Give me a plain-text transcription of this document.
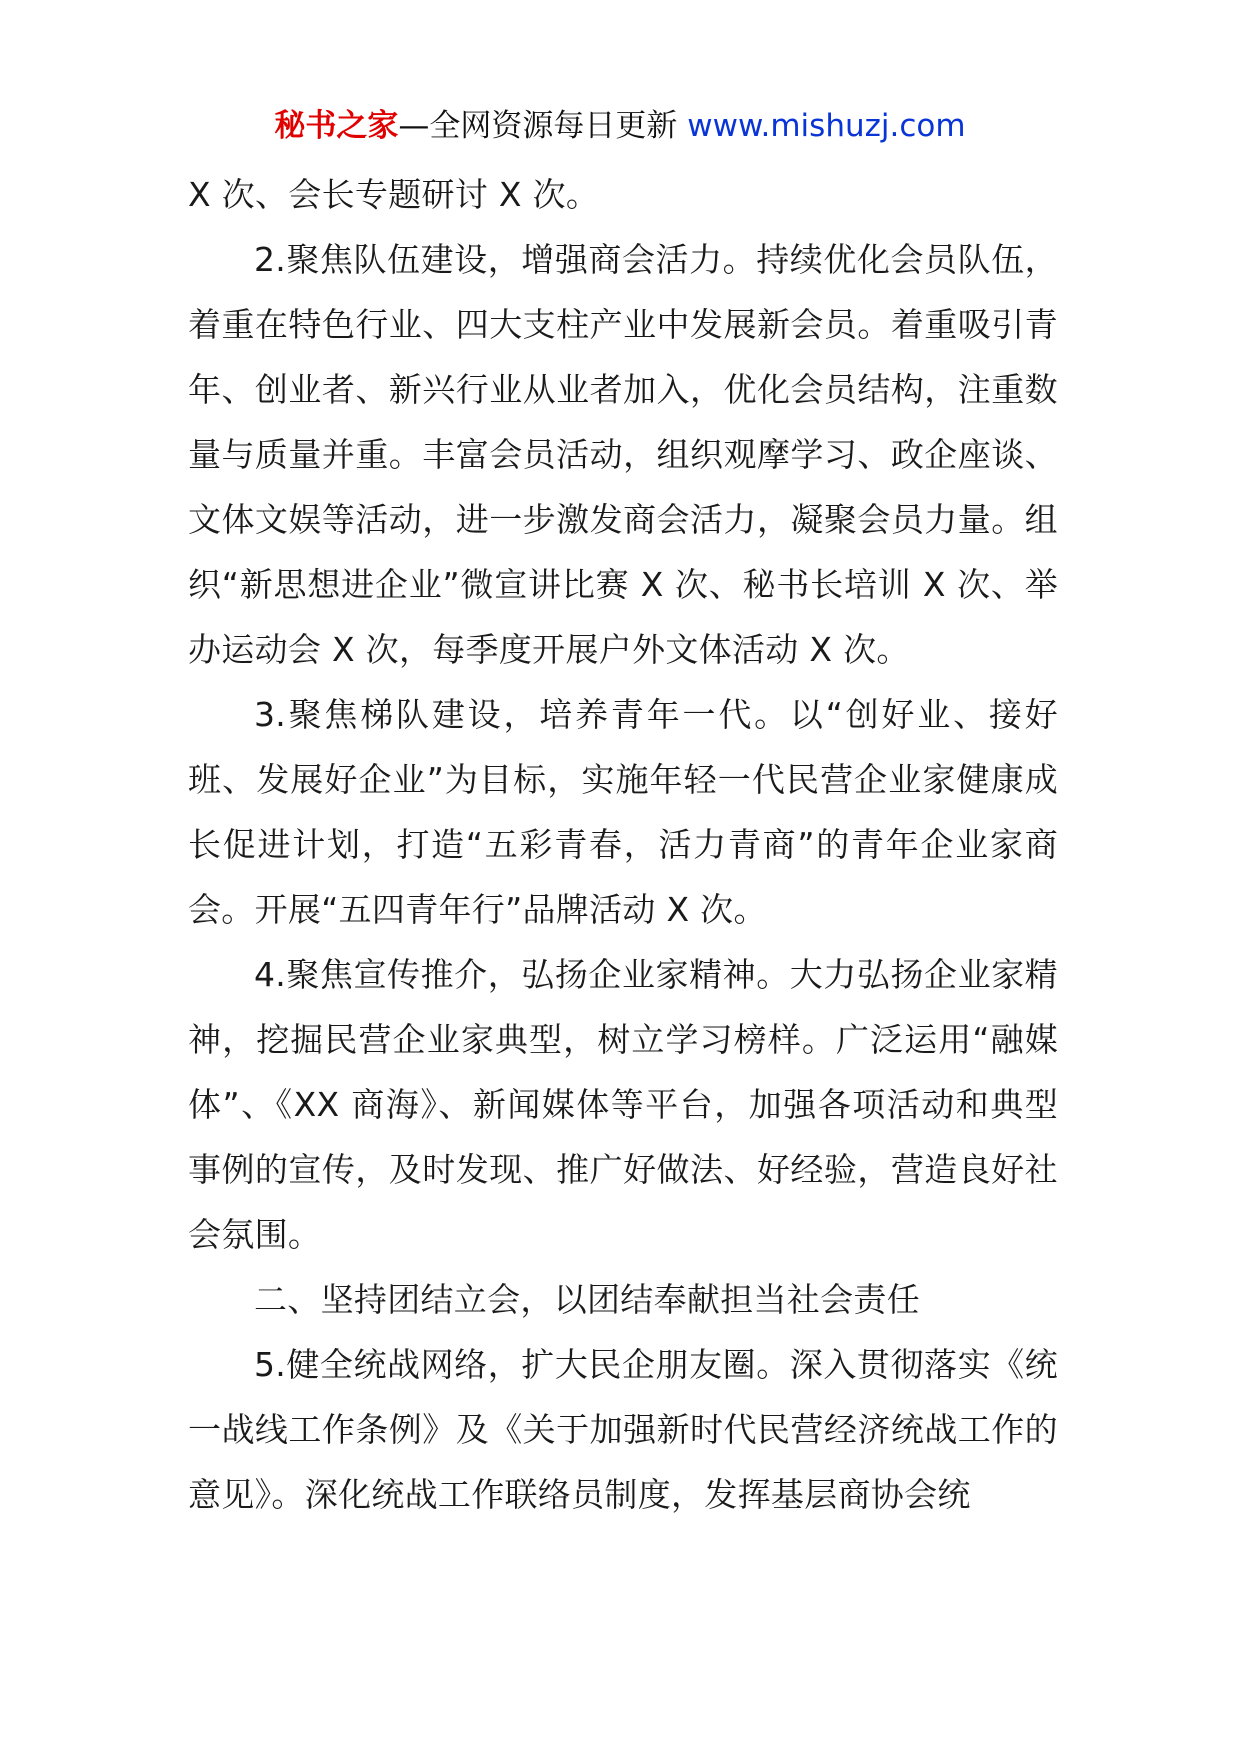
秘书之家—全网资源每日更新 www.mishuzj.com

X 次、会长专题研讨 X 次。

2.聚焦队伍建设，增强商会活力。持续优化会员队伍，着重在特色行业、四大支柱产业中发展新会员。着重吸引青年、创业者、新兴行业从业者加入，优化会员结构，注重数量与质量并重。丰富会员活动，组织观摩学习、政企座谈、文体文娱等活动，进一步激发商会活力，凝聚会员力量。组织“新思想进企业”微宣讲比赛 X 次、秘书长培训 X 次、举办运动会 X 次，每季度开展户外文体活动 X 次。

3.聚焦梯队建设，培养青年一代。以“创好业、接好班、发展好企业”为目标，实施年轻一代民营企业家健康成长促进计划，打造“五彩青春，活力青商”的青年企业家商会。开展“五四青年行”品牌活动 X 次。

4.聚焦宣传推介，弘扬企业家精神。大力弘扬企业家精神，挖掘民营企业家典型，树立学习榜样。广泛运用“融媒体”、《XX 商海》、新闻媒体等平台，加强各项活动和典型事例的宣传，及时发现、推广好做法、好经验，营造良好社会氛围。

二、坚持团结立会，以团结奉献担当社会责任

5.健全统战网络，扩大民企朋友圈。深入贯彻落实《统一战线工作条例》及《关于加强新时代民营经济统战工作的意见》。深化统战工作联络员制度，发挥基层商协会统
